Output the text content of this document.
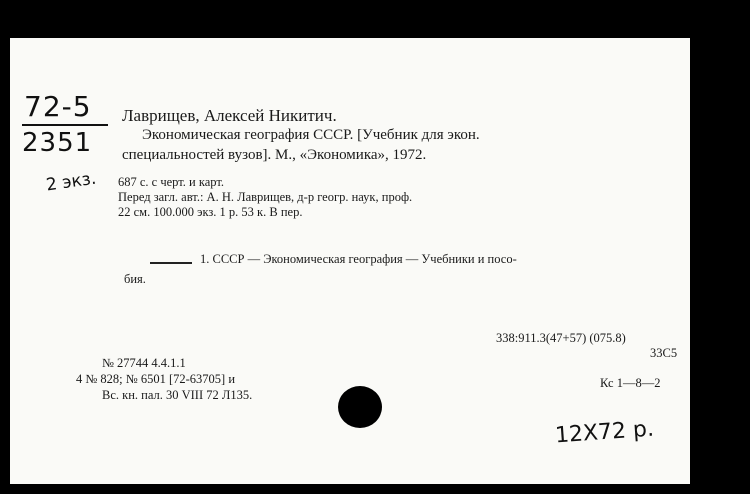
72-5
2351
2 экз.
Лаврищев, Алексей Никитич.
Экономическая география СССР. [Учебник для экон.
специальностей вузов]. М., «Экономика», 1972.
687 с. с черт. и карт.
Перед загл. авт.: А. Н. Лаврищев, д-р геогр. наук, проф.
22 см. 100.000 экз. 1 р. 53 к. В пер.
1. СССР — Экономическая география — Учебники и посо-
бия.
338:911.3(47+57) (075.8)
33С5
№ 27744 4.4.1.1
4 № 828; № 6501 [72-63705] и
Вс. кн. пал. 30 VIII 72 Л135.
Кс 1—8—2
12X72 р.
